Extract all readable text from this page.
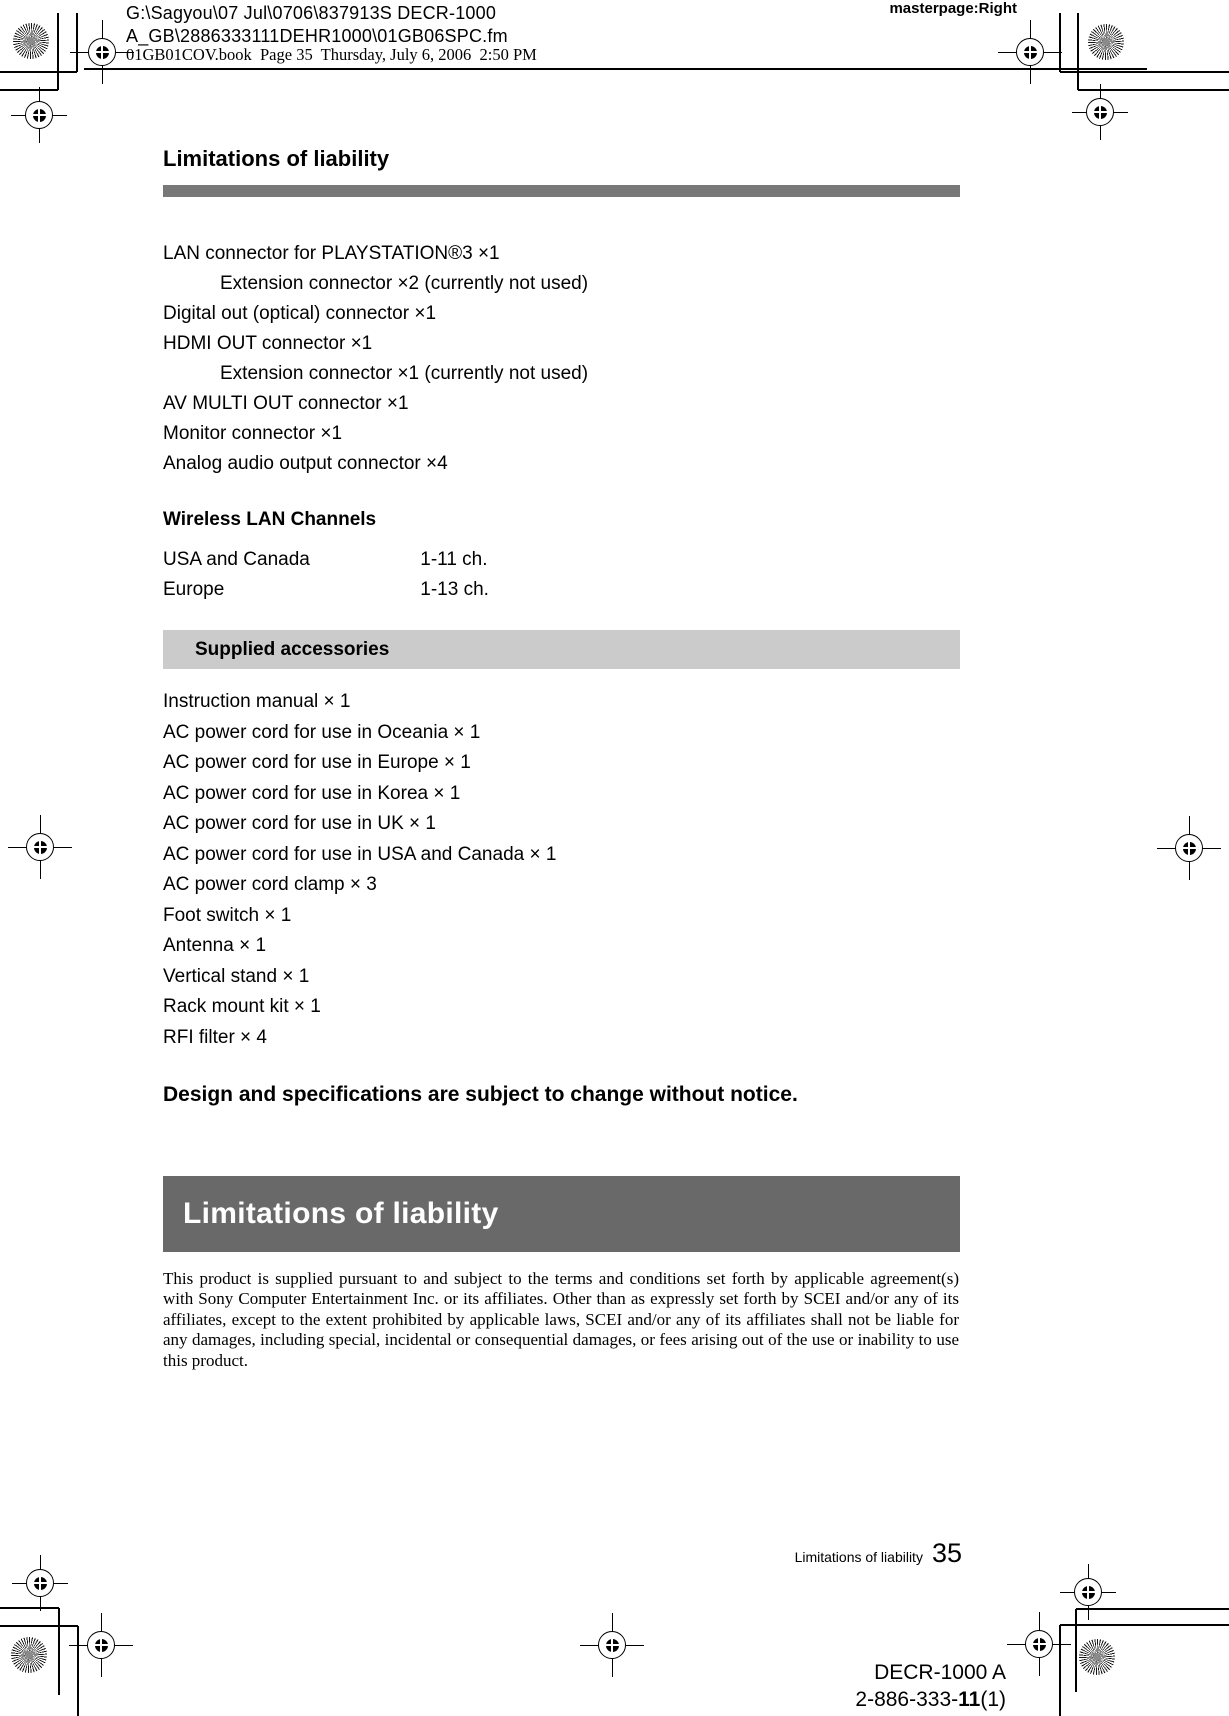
G:\Sagyou\07 Jul\0706\837913S DECR-1000
A_GB\2886333111DEHR1000\01GB06SPC.fm
masterpage:Right
01GB01COV.book  Page 35  Thursday, July 6, 2006  2:50 PM
Limitations of liability
LAN connector for PLAYSTATION®3 ×1
Extension connector ×2 (currently not used)
Digital out (optical) connector ×1
HDMI OUT connector ×1
Extension connector ×1 (currently not used)
AV MULTI OUT connector ×1
Monitor connector ×1
Analog audio output connector ×4
Wireless LAN Channels
USA and Canada	1-11 ch.
Europe	1-13 ch.
Supplied accessories
Instruction manual × 1
AC power cord for use in Oceania × 1
AC power cord for use in Europe × 1
AC power cord for use in Korea × 1
AC power cord for use in UK × 1
AC power cord for use in USA and Canada × 1
AC power cord clamp × 3
Foot switch × 1
Antenna × 1
Vertical stand × 1
Rack mount kit × 1
RFI filter × 4
Design and specifications are subject to change without notice.
Limitations of liability
This product is supplied pursuant to and subject to the terms and conditions set forth by applicable agreement(s) with Sony Computer Entertainment Inc. or its affiliates. Other than as expressly set forth by SCEI and/or any of its affiliates, except to the extent prohibited by applicable laws, SCEI and/or any of its affiliates shall not be liable for any damages, including special, incidental or consequential damages, or fees arising out of the use or inability to use this product.
Limitations of liability 35
DECR-1000 A
2-886-333-11(1)
